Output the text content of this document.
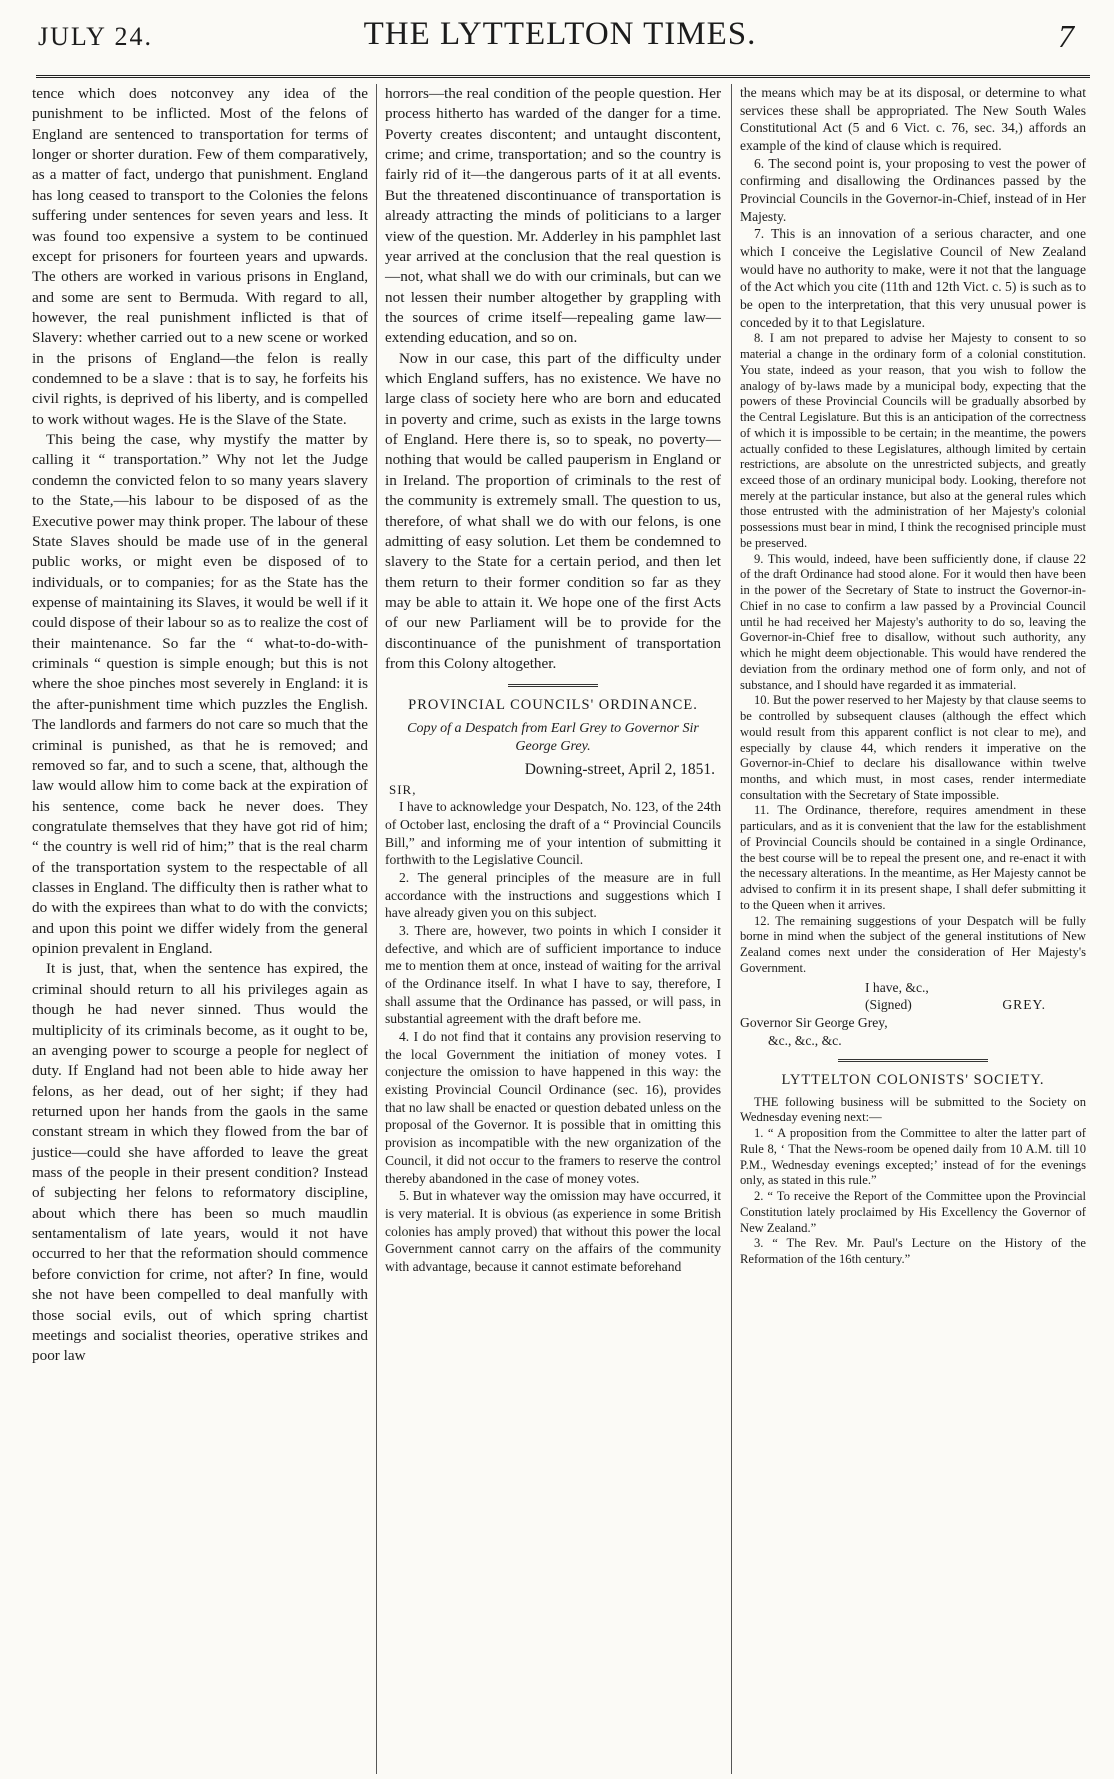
JULY 24.	THE LYTTELTON TIMES.	7

tence which does notconvey any idea of the punishment to be inflicted. Most of the felons of England are sentenced to transportation for terms of longer or shorter duration. Few of them comparatively, as a matter of fact, undergo that punishment. England has long ceased to transport to the Colonies the felons suffering under sentences for seven years and less. It was found too expensive a system to be continued except for prisoners for fourteen years and upwards. The others are worked in various prisons in England, and some are sent to Bermuda. With regard to all, however, the real punishment inflicted is that of Slavery: whether carried out to a new scene or worked in the prisons of England—the felon is really condemned to be a slave : that is to say, he forfeits his civil rights, is deprived of his liberty, and is compelled to work without wages. He is the Slave of the State.

This being the case, why mystify the matter by calling it “ transportation.” Why not let the Judge condemn the convicted felon to so many years slavery to the State,—his labour to be disposed of as the Executive power may think proper. The labour of these State Slaves should be made use of in the general public works, or might even be disposed of to individuals, or to companies; for as the State has the expense of maintaining its Slaves, it would be well if it could dispose of their labour so as to realize the cost of their maintenance. So far the “ what-to-do-with-criminals “ question is simple enough; but this is not where the shoe pinches most severely in England: it is the after-punishment time which puzzles the English. The landlords and farmers do not care so much that the criminal is punished, as that he is removed; and removed so far, and to such a scene, that, although the law would allow him to come back at the expiration of his sentence, come back he never does. They congratulate themselves that they have got rid of him; “ the country is well rid of him;” that is the real charm of the transportation system to the respectable of all classes in England. The difficulty then is rather what to do with the expirees than what to do with the convicts; and upon this point we differ widely from the general opinion prevalent in England.

It is just, that, when the sentence has expired, the criminal should return to all his privileges again as though he had never sinned. Thus would the multiplicity of its criminals become, as it ought to be, an avenging power to scourge a people for neglect of duty. If England had not been able to hide away her felons, as her dead, out of her sight; if they had returned upon her hands from the gaols in the same constant stream in which they flowed from the bar of justice—could she have afforded to leave the great mass of the people in their present condition? Instead of subjecting her felons to reformatory discipline, about which there has been so much maudlin sentamentalism of late years, would it not have occurred to her that the reformation should commence before conviction for crime, not after? In fine, would she not have been compelled to deal manfully with those social evils, out of which spring chartist meetings and socialist theories, operative strikes and poor law

horrors—the real condition of the people question. Her process hitherto has warded of the danger for a time. Poverty creates discontent; and untaught discontent, crime; and crime, transportation; and so the country is fairly rid of it—the dangerous parts of it at all events. But the threatened discontinuance of transportation is already attracting the minds of politicians to a larger view of the question. Mr. Adderley in his pamphlet last year arrived at the conclusion that the real question is—not, what shall we do with our criminals, but can we not lessen their number altogether by grappling with the sources of crime itself—repealing game law—extending education, and so on.

Now in our case, this part of the difficulty under which England suffers, has no existence. We have no large class of society here who are born and educated in poverty and crime, such as exists in the large towns of England. Here there is, so to speak, no poverty—nothing that would be called pauperism in England or in Ireland. The proportion of criminals to the rest of the community is extremely small. The question to us, therefore, of what shall we do with our felons, is one admitting of easy solution. Let them be condemned to slavery to the State for a certain period, and then let them return to their former condition so far as they may be able to attain it. We hope one of the first Acts of our new Parliament will be to provide for the discontinuance of the punishment of transportation from this Colony altogether.

PROVINCIAL COUNCILS' ORDINANCE.
Copy of a Despatch from Earl Grey to Governor Sir George Grey.
Downing-street, April 2, 1851.

SIR,

I have to acknowledge your Despatch, No. 123, of the 24th of October last, enclosing the draft of a “ Provincial Councils Bill,” and informing me of your intention of submitting it forthwith to the Legislative Council.

2. The general principles of the measure are in full accordance with the instructions and suggestions which I have already given you on this subject.

3. There are, however, two points in which I consider it defective, and which are of sufficient importance to induce me to mention them at once, instead of waiting for the arrival of the Ordinance itself. In what I have to say, therefore, I shall assume that the Ordinance has passed, or will pass, in substantial agreement with the draft before me.

4. I do not find that it contains any provision reserving to the local Government the initiation of money votes. I conjecture the omission to have happened in this way: the existing Provincial Council Ordinance (sec. 16), provides that no law shall be enacted or question debated unless on the proposal of the Governor. It is possible that in omitting this provision as incompatible with the new organization of the Council, it did not occur to the framers to reserve the control thereby abandoned in the case of money votes.

5. But in whatever way the omission may have occurred, it is very material. It is obvious (as experience in some British colonies has amply proved) that without this power the local Government cannot carry on the affairs of the community with advantage, because it cannot estimate beforehand

the means which may be at its disposal, or determine to what services these shall be appropriated. The New South Wales Constitutional Act (5 and 6 Vict. c. 76, sec. 34,) affords an example of the kind of clause which is required.

6. The second point is, your proposing to vest the power of confirming and disallowing the Ordinances passed by the Provincial Councils in the Governor-in-Chief, instead of in Her Majesty.

7. This is an innovation of a serious character, and one which I conceive the Legislative Council of New Zealand would have no authority to make, were it not that the language of the Act which you cite (11th and 12th Vict. c. 5) is such as to be open to the interpretation, that this very unusual power is conceded by it to that Legislature.

8. I am not prepared to advise her Majesty to consent to so material a change in the ordinary form of a colonial constitution. You state, indeed as your reason, that you wish to follow the analogy of by-laws made by a municipal body, expecting that the powers of these Provincial Councils will be gradually absorbed by the Central Legislature. But this is an anticipation of the correctness of which it is impossible to be certain; in the meantime, the powers actually confided to these Legislatures, although limited by certain restrictions, are absolute on the unrestricted subjects, and greatly exceed those of an ordinary municipal body. Looking, therefore not merely at the particular instance, but also at the general rules which those entrusted with the administration of her Majesty's colonial possessions must bear in mind, I think the recognised principle must be preserved.

9. This would, indeed, have been sufficiently done, if clause 22 of the draft Ordinance had stood alone. For it would then have been in the power of the Secretary of State to instruct the Governor-in-Chief in no case to confirm a law passed by a Provincial Council until he had received her Majesty's authority to do so, leaving the Governor-in-Chief free to disallow, without such authority, any which he might deem objectionable. This would have rendered the deviation from the ordinary method one of form only, and not of substance, and I should have regarded it as immaterial.

10. But the power reserved to her Majesty by that clause seems to be controlled by subsequent clauses (although the effect which would result from this apparent conflict is not clear to me), and especially by clause 44, which renders it imperative on the Governor-in-Chief to declare his disallowance within twelve months, and which must, in most cases, render intermediate consultation with the Secretary of State impossible.

11. The Ordinance, therefore, requires amendment in these particulars, and as it is convenient that the law for the establishment of Provincial Councils should be contained in a single Ordinance, the best course will be to repeal the present one, and re-enact it with the necessary alterations. In the meantime, as Her Majesty cannot be advised to confirm it in its present shape, I shall defer submitting it to the Queen when it arrives.

12. The remaining suggestions of your Despatch will be fully borne in mind when the subject of the general institutions of New Zealand comes next under the consideration of Her Majesty's Government.

I have, &c.,
(Signed)	GREY.
Governor Sir George Grey,
&c., &c., &c.
LYTTELTON COLONISTS' SOCIETY.

THE following business will be submitted to the Society on Wednesday evening next:—

1. “ A proposition from the Committee to alter the latter part of Rule 8, ‘ That the News-room be opened daily from 10 A.M. till 10 P.M., Wednesday evenings excepted;’ instead of for the evenings only, as stated in this rule.”

2. “ To receive the Report of the Committee upon the Provincial Constitution lately proclaimed by His Excellency the Governor of New Zealand.”

3. “ The Rev. Mr. Paul's Lecture on the History of the Reformation of the 16th century.”
